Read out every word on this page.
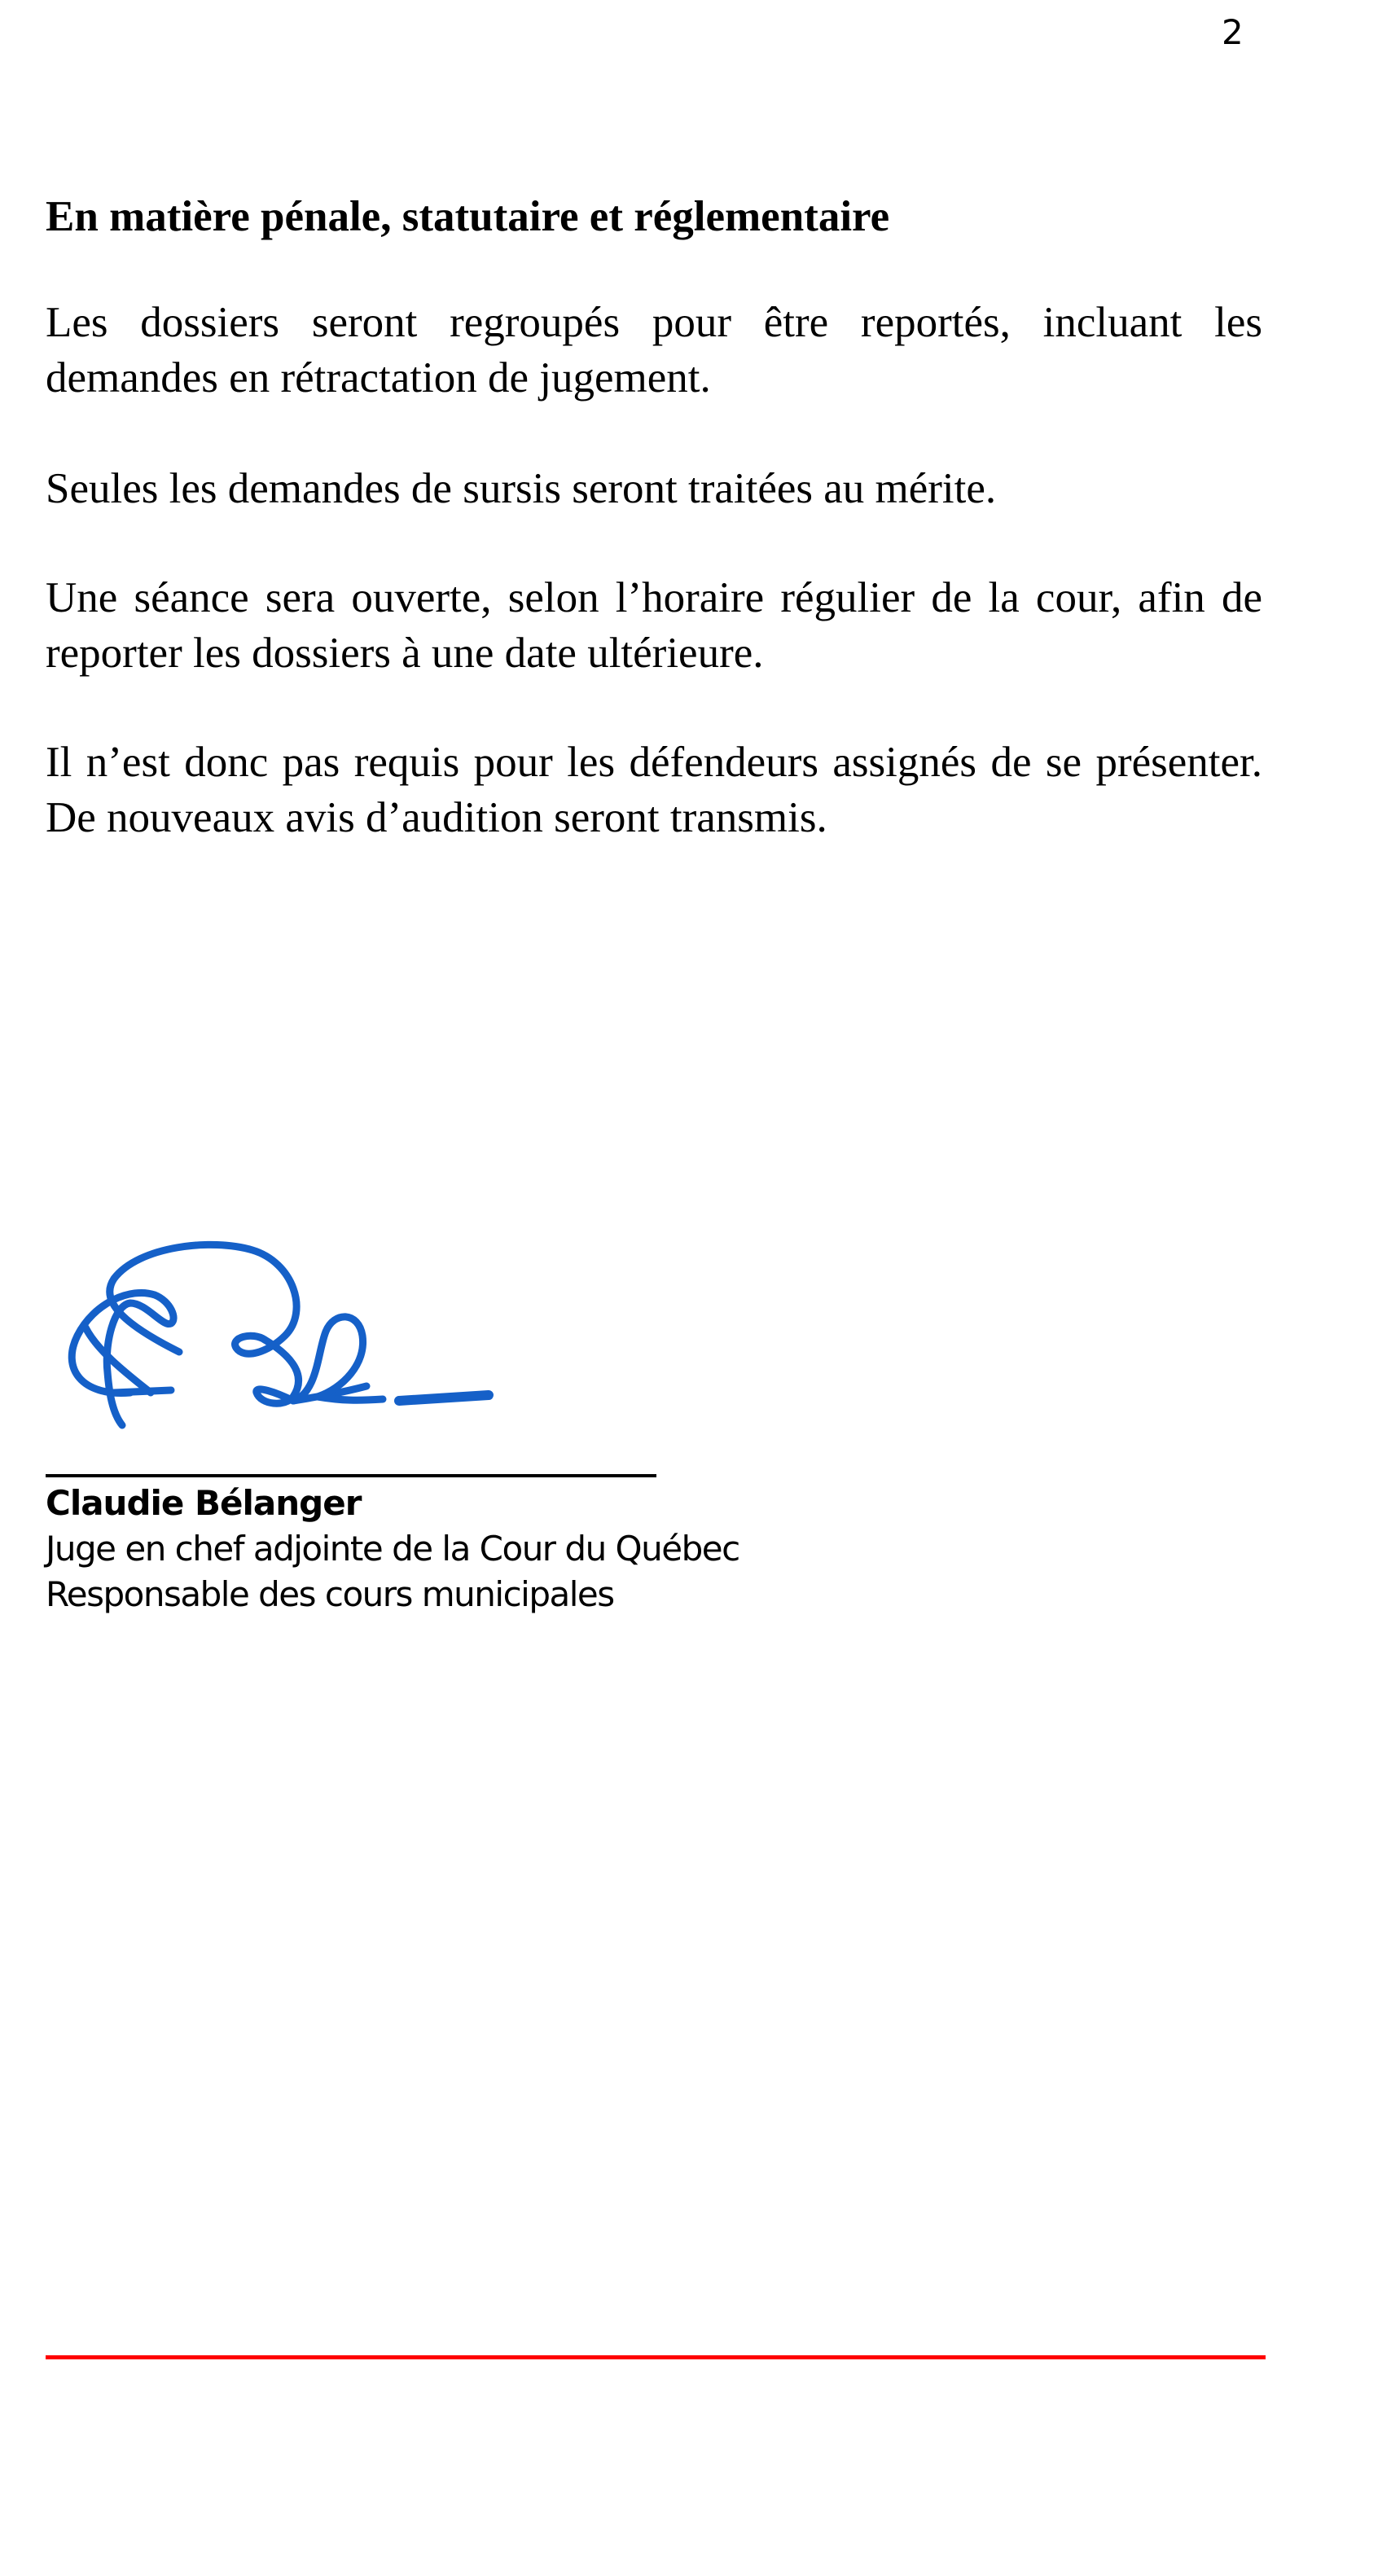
2
En matière pénale, statutaire et réglementaire

Les dossiers seront regroupés pour être reportés, incluant les demandes en rétractation de jugement.

Seules les demandes de sursis seront traitées au mérite.

Une séance sera ouverte, selon l’horaire régulier de la cour, afin de reporter les dossiers à une date ultérieure.

Il n’est donc pas requis pour les défendeurs assignés de se présenter. De nouveaux avis d’audition seront transmis.

Claudie Bélanger
Juge en chef adjointe de la Cour du Québec
Responsable des cours municipales
